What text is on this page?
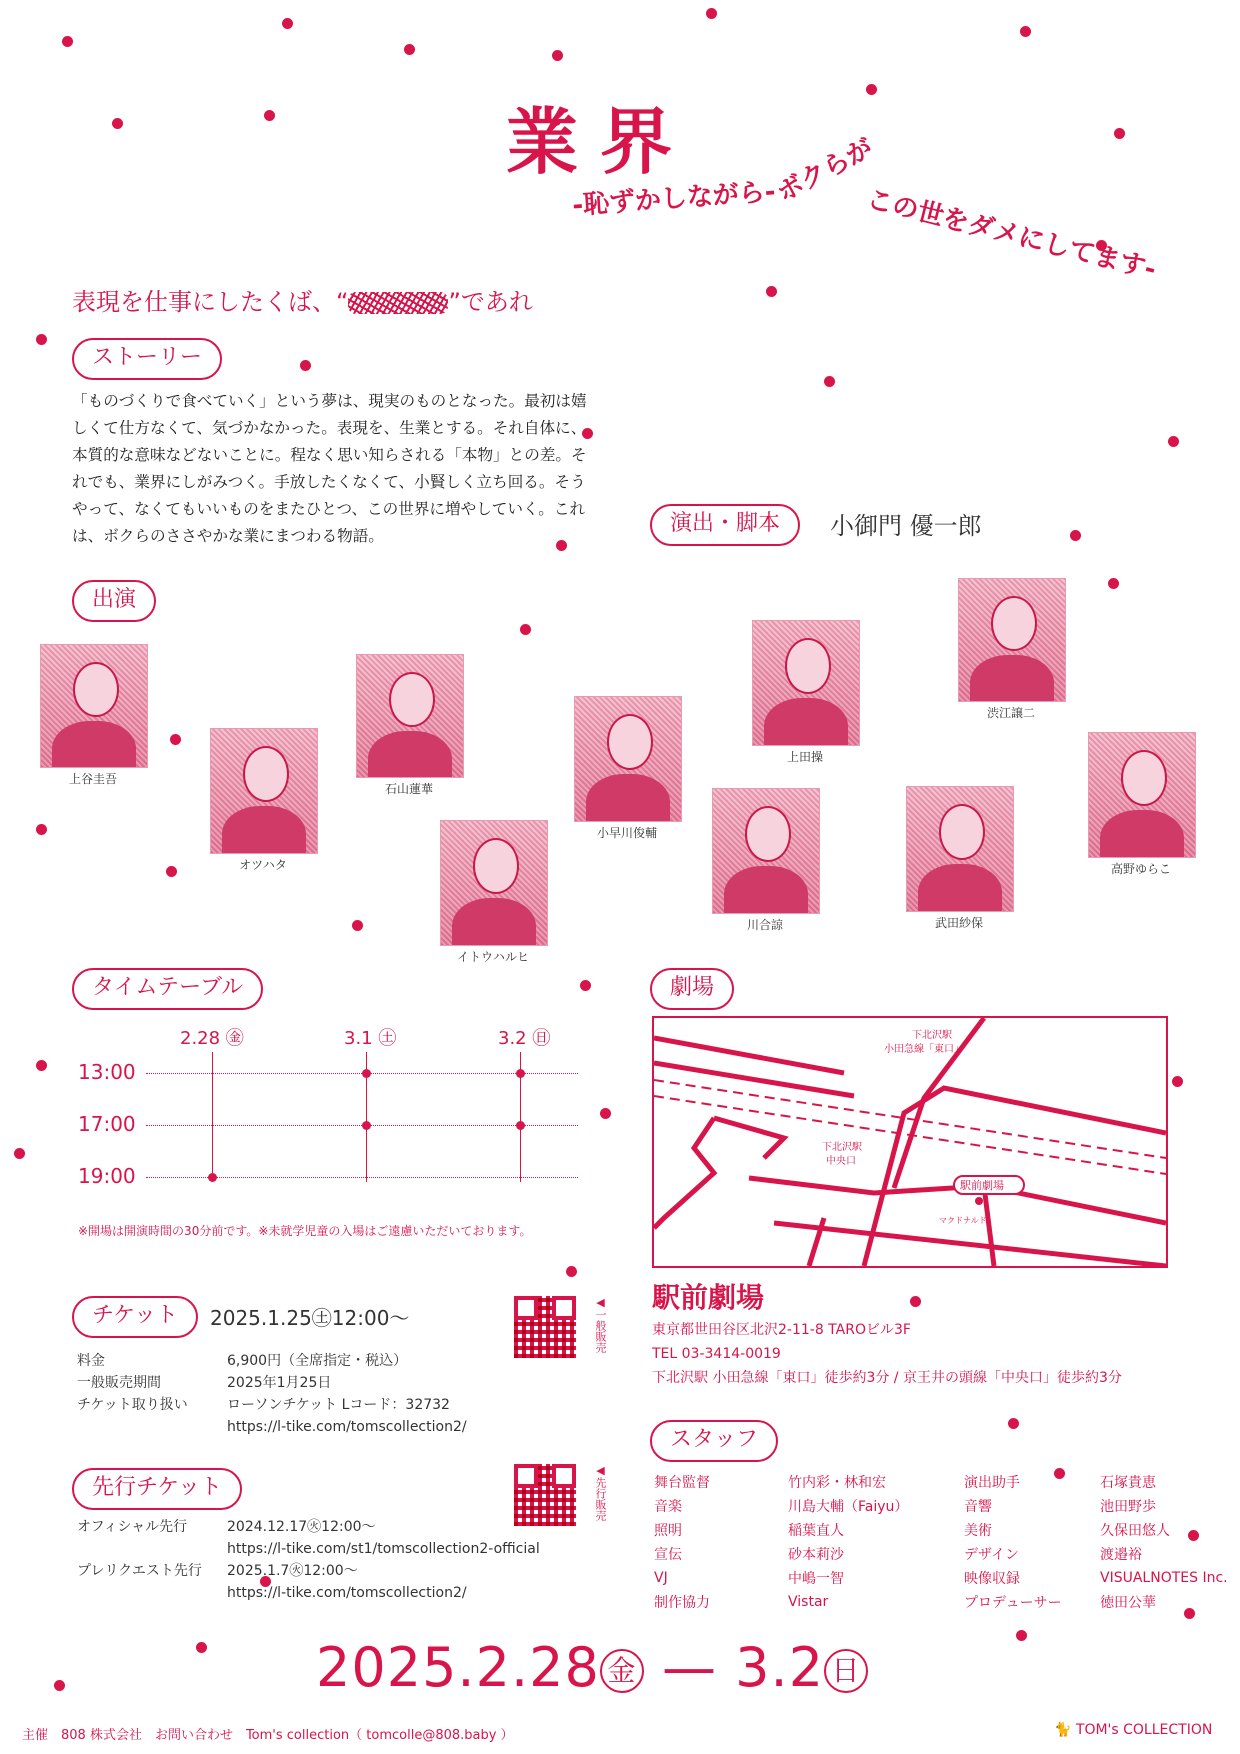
業界
-恥ずかしながら-
ボクらが
この世をダメにしてます-
表現を仕事にしたくば、“	”であれ
ストーリー
「ものづくりで食べていく」という夢は、現実のものとなった。最初は嬉しくて仕方なくて、気づかなかった。表現を、生業とする。それ自体に、本質的な意味などないことに。程なく思い知らされる「本物」との差。それでも、業界にしがみつく。手放したくなくて、小賢しく立ち回る。そうやって、なくてもいいものをまたひとつ、この世界に増やしていく。これは、ボクらのささやかな業にまつわる物語。	演出・脚本	小御門 優一郎
出演
上谷圭吾
オツハタ
石山蓮華
イトウハルヒ
小早川俊輔
上田操
川合諒	武田紗保
渋江譲二
高野ゆらこ
タイムテーブル
2.28 ㊎	3.1 ㊏	3.2 ㊐
13:00
17:00
19:00
※開場は開演時間の30分前です。※未就学児童の入場はご遠慮いただいております。
チケット	2025.1.25㊏12:00〜	◀一般販売
料金	6,900円（全席指定・税込）
一般販売期間	2025年1月25日
チケット取り扱い	ローソンチケット Lコード：32732
	https://l-tike.com/tomscollection2/
先行チケット	◀先行販売
オフィシャル先行	2024.12.17㊋12:00〜
	https://l-tike.com/st1/tomscollection2-official
プレリクエスト先行	2025.1.7㊋12:00〜
	https://l-tike.com/tomscollection2/
劇場
下北沢駅
小田急線「東口」
下北沢駅
中央口
駅前劇場
マクドナルド
駅前劇場
東京都世田谷区北沢2-11-8 TAROビル3F
TEL 03-3414-0019
下北沢駅 小田急線「東口」徒歩約3分 / 京王井の頭線「中央口」徒歩約3分
スタッフ
舞台監督	竹内彩・林和宏	演出助手	石塚貴恵
音楽	川島大輔（Faiyu）	音響	池田野歩
照明	稲葉直人	美術	久保田悠人
宣伝	砂本莉沙	デザイン	渡邉裕
VJ	中嶋一智	映像収録	VISUALNOTES Inc.
制作協力	Vistar	プロデューサー	徳田公華
2025.2.28 金 — 3.2 日
主催　808 株式会社　お問い合わせ　Tom's collection（ tomcolle@808.baby ）	🐈 TOM's COLLECTION
